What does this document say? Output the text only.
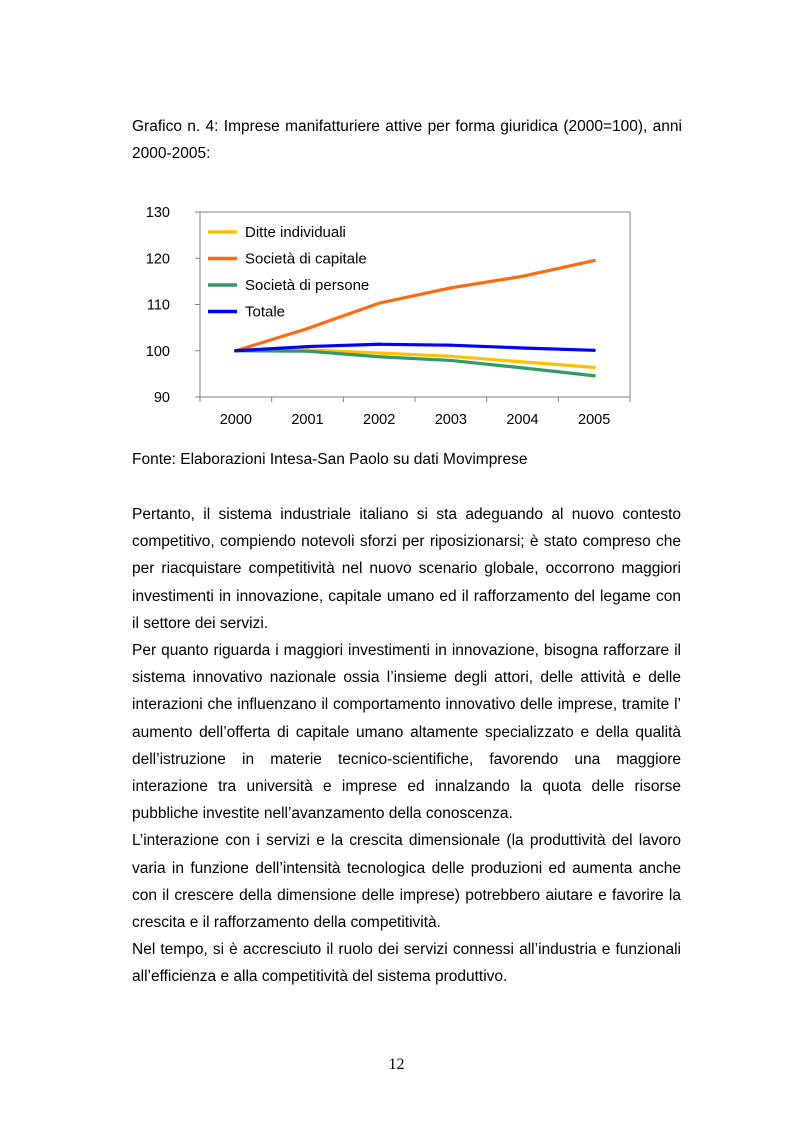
Grafico n. 4: Imprese manifatturiere attive per forma giuridica (2000=100), anni 2000-2005:
90
100
110
120
130
2000	2001	2002	2003	2004	2005
Ditte individuali
Società di capitale
Società di persone
Totale
Fonte: Elaborazioni Intesa-San Paolo su dati Movimprese

Pertanto, il sistema industriale italiano si sta adeguando al nuovo contesto competitivo, compiendo notevoli sforzi per riposizionarsi; è stato compreso che per riacquistare competitività nel nuovo scenario globale, occorrono maggiori investimenti in innovazione, capitale umano ed il rafforzamento del legame con il settore dei servizi.

Per quanto riguarda i maggiori investimenti in innovazione, bisogna rafforzare il sistema innovativo nazionale ossia l’insieme degli attori, delle attività e delle interazioni che influenzano il comportamento innovativo delle imprese, tramite l’ aumento dell’offerta di capitale umano altamente specializzato e della qualità dell’istruzione in materie tecnico-scientifiche, favorendo una maggiore interazione tra università e imprese ed innalzando la quota delle risorse pubbliche investite nell’avanzamento della conoscenza.

L’interazione con i servizi e la crescita dimensionale (la produttività del lavoro varia in funzione dell’intensità tecnologica delle produzioni ed aumenta anche con il crescere della dimensione delle imprese) potrebbero aiutare e favorire la crescita e il rafforzamento della competitività.

Nel tempo, si è accresciuto il ruolo dei servizi connessi all’industria e funzionali all’efficienza e alla competitività del sistema produttivo.

12
